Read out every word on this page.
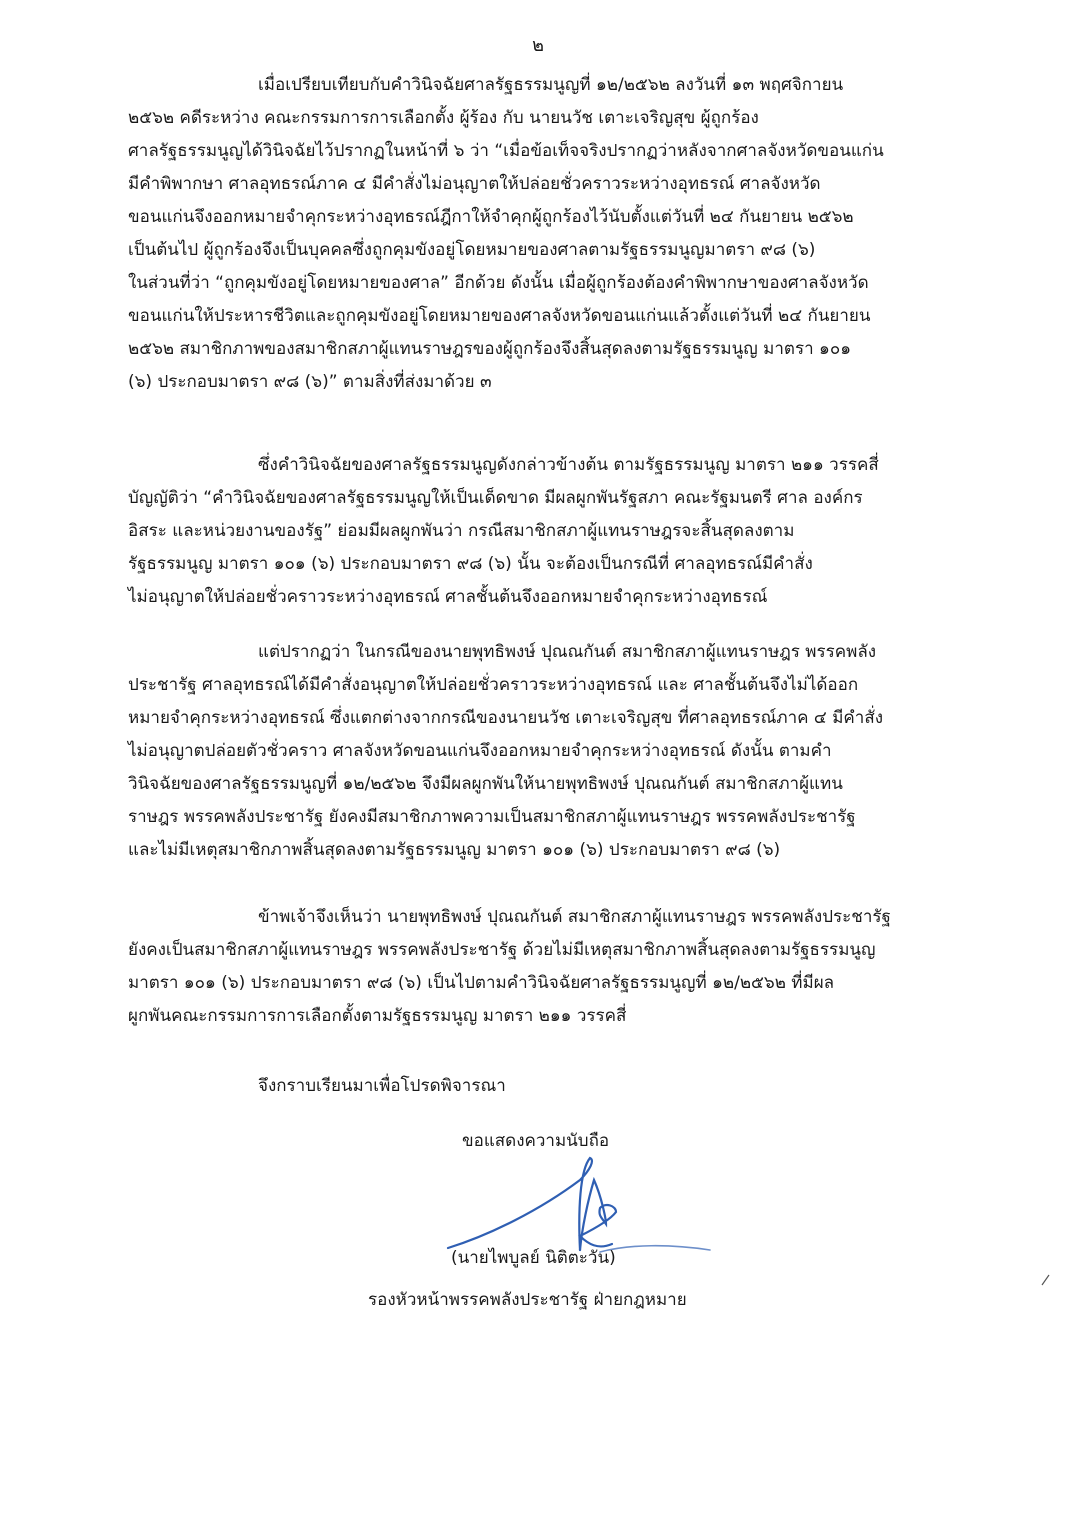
๒
เมื่อเปรียบเทียบกับคำวินิจฉัยศาลรัฐธรรมนูญที่ ๑๒/๒๕๖๒ ลงวันที่ ๑๓ พฤศจิกายน
๒๕๖๒ คดีระหว่าง คณะกรรมการการเลือกตั้ง ผู้ร้อง กับ นายนวัช เตาะเจริญสุข ผู้ถูกร้อง
ศาลรัฐธรรมนูญได้วินิจฉัยไว้ปรากฏในหน้าที่ ๖ ว่า “เมื่อข้อเท็จจริงปรากฏว่าหลังจากศาลจังหวัดขอนแก่น
มีคำพิพากษา ศาลอุทธรณ์ภาค ๔ มีคำสั่งไม่อนุญาตให้ปล่อยชั่วคราวระหว่างอุทธรณ์ ศาลจังหวัด
ขอนแก่นจึงออกหมายจำคุกระหว่างอุทธรณ์ฎีกาให้จำคุกผู้ถูกร้องไว้นับตั้งแต่วันที่ ๒๔ กันยายน ๒๕๖๒
เป็นต้นไป ผู้ถูกร้องจึงเป็นบุคคลซึ่งถูกคุมขังอยู่โดยหมายของศาลตามรัฐธรรมนูญมาตรา ๙๘ (๖)
ในส่วนที่ว่า “ถูกคุมขังอยู่โดยหมายของศาล” อีกด้วย ดังนั้น เมื่อผู้ถูกร้องต้องคำพิพากษาของศาลจังหวัด
ขอนแก่นให้ประหารชีวิตและถูกคุมขังอยู่โดยหมายของศาลจังหวัดขอนแก่นแล้วตั้งแต่วันที่ ๒๔ กันยายน
๒๕๖๒ สมาชิกภาพของสมาชิกสภาผู้แทนราษฎรของผู้ถูกร้องจึงสิ้นสุดลงตามรัฐธรรมนูญ มาตรา ๑๐๑
(๖) ประกอบมาตรา ๙๘ (๖)” ตามสิ่งที่ส่งมาด้วย ๓
ซึ่งคำวินิจฉัยของศาลรัฐธรรมนูญดังกล่าวข้างต้น ตามรัฐธรรมนูญ มาตรา ๒๑๑ วรรคสี่
บัญญัติว่า “คำวินิจฉัยของศาลรัฐธรรมนูญให้เป็นเด็ดขาด มีผลผูกพันรัฐสภา คณะรัฐมนตรี ศาล องค์กร
อิสระ และหน่วยงานของรัฐ” ย่อมมีผลผูกพันว่า กรณีสมาชิกสภาผู้แทนราษฎรจะสิ้นสุดลงตาม
รัฐธรรมนูญ มาตรา ๑๐๑ (๖) ประกอบมาตรา ๙๘ (๖) นั้น จะต้องเป็นกรณีที่ ศาลอุทธรณ์มีคำสั่ง
ไม่อนุญาตให้ปล่อยชั่วคราวระหว่างอุทธรณ์ ศาลชั้นต้นจึงออกหมายจำคุกระหว่างอุทธรณ์
แต่ปรากฏว่า ในกรณีของนายพุทธิพงษ์ ปุณณกันต์ สมาชิกสภาผู้แทนราษฎร พรรคพลัง
ประชารัฐ ศาลอุทธรณ์ได้มีคำสั่งอนุญาตให้ปล่อยชั่วคราวระหว่างอุทธรณ์ และ ศาลชั้นต้นจึงไม่ได้ออก
หมายจำคุกระหว่างอุทธรณ์ ซึ่งแตกต่างจากกรณีของนายนวัช เตาะเจริญสุข ที่ศาลอุทธรณ์ภาค ๔ มีคำสั่ง
ไม่อนุญาตปล่อยตัวชั่วคราว ศาลจังหวัดขอนแก่นจึงออกหมายจำคุกระหว่างอุทธรณ์ ดังนั้น ตามคำ
วินิจฉัยของศาลรัฐธรรมนูญที่ ๑๒/๒๕๖๒ จึงมีผลผูกพันให้นายพุทธิพงษ์ ปุณณกันต์ สมาชิกสภาผู้แทน
ราษฎร พรรคพลังประชารัฐ ยังคงมีสมาชิกภาพความเป็นสมาชิกสภาผู้แทนราษฎร พรรคพลังประชารัฐ
และไม่มีเหตุสมาชิกภาพสิ้นสุดลงตามรัฐธรรมนูญ มาตรา ๑๐๑ (๖) ประกอบมาตรา ๙๘ (๖)
ข้าพเจ้าจึงเห็นว่า นายพุทธิพงษ์ ปุณณกันต์ สมาชิกสภาผู้แทนราษฎร พรรคพลังประชารัฐ
ยังคงเป็นสมาชิกสภาผู้แทนราษฎร พรรคพลังประชารัฐ ด้วยไม่มีเหตุสมาชิกภาพสิ้นสุดลงตามรัฐธรรมนูญ
มาตรา ๑๐๑ (๖) ประกอบมาตรา ๙๘ (๖) เป็นไปตามคำวินิจฉัยศาลรัฐธรรมนูญที่ ๑๒/๒๕๖๒ ที่มีผล
ผูกพันคณะกรรมการการเลือกตั้งตามรัฐธรรมนูญ มาตรา ๒๑๑ วรรคสี่
จึงกราบเรียนมาเพื่อโปรดพิจารณา
ขอแสดงความนับถือ
(นายไพบูลย์ นิติตะวัน)
รองหัวหน้าพรรคพลังประชารัฐ ฝ่ายกฎหมาย
